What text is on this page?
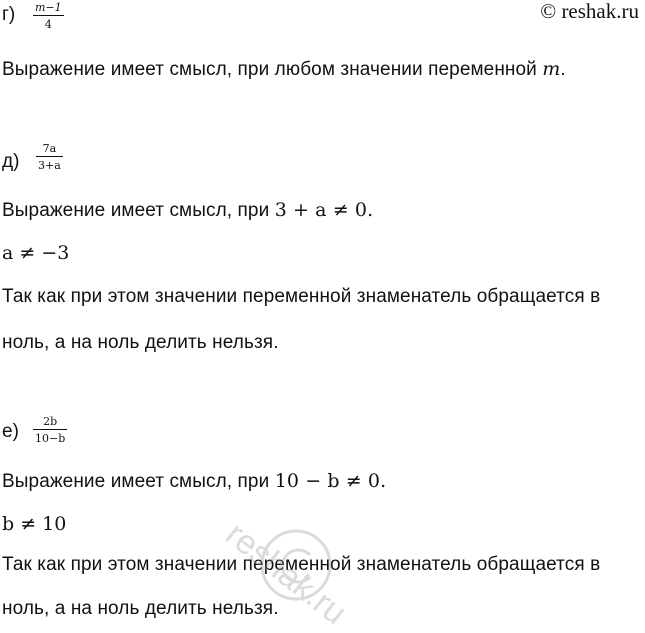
© reshak.ru
г) m−1
4
Выражение имеет смысл, при любом значении переменной m.
д)
7a
3+a
Выражение имеет смысл, при 3 + a ≠ 0.
a ≠ −3
Так как при этом значении переменной знаменатель обращается в
ноль, а на ноль делить нельзя.
е) 2b
10−b
Выражение имеет смысл, при 10 − b ≠ 0.
b ≠ 10
Так как при этом значении переменной знаменатель обращается в
ноль, а на ноль делить нельзя.
reshak.ru
